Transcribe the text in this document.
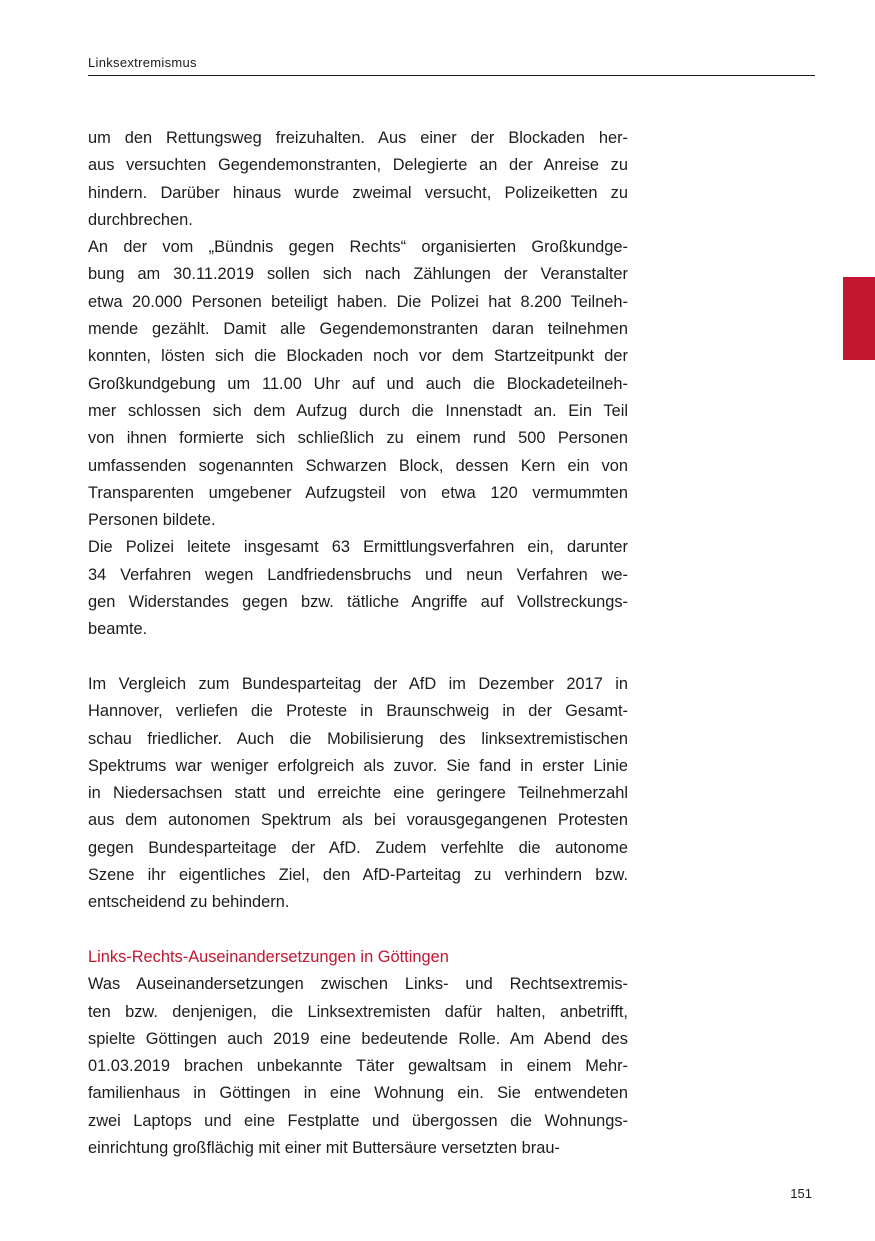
Linksextremismus
um den Rettungsweg freizuhalten. Aus einer der Blockaden her-
aus versuchten Gegendemonstranten, Delegierte an der Anreise zu
hindern. Darüber hinaus wurde zweimal versucht, Polizeiketten zu
durchbrechen.
An der vom „Bündnis gegen Rechts“ organisierten Großkundge-
bung am 30.11.2019 sollen sich nach Zählungen der Veranstalter
etwa 20.000 Personen beteiligt haben. Die Polizei hat 8.200 Teilneh-
mende gezählt. Damit alle Gegendemonstranten daran teilnehmen
konnten, lösten sich die Blockaden noch vor dem Startzeitpunkt der
Großkundgebung um 11.00 Uhr auf und auch die Blockadeteilneh-
mer schlossen sich dem Aufzug durch die Innenstadt an. Ein Teil
von ihnen formierte sich schließlich zu einem rund 500 Personen
umfassenden sogenannten Schwarzen Block, dessen Kern ein von
Transparenten umgebener Aufzugsteil von etwa 120 vermummten
Personen bildete.
Die Polizei leitete insgesamt 63 Ermittlungsverfahren ein, darunter
34 Verfahren wegen Landfriedensbruchs und neun Verfahren we-
gen Widerstandes gegen bzw. tätliche Angriffe auf Vollstreckungs-
beamte.
Im Vergleich zum Bundesparteitag der AfD im Dezember 2017 in
Hannover, verliefen die Proteste in Braunschweig in der Gesamt-
schau friedlicher. Auch die Mobilisierung des linksextremistischen
Spektrums war weniger erfolgreich als zuvor. Sie fand in erster Linie
in Niedersachsen statt und erreichte eine geringere Teilnehmerzahl
aus dem autonomen Spektrum als bei vorausgegangenen Protesten
gegen Bundesparteitage der AfD. Zudem verfehlte die autonome
Szene ihr eigentliches Ziel, den AfD-Parteitag zu verhindern bzw.
entscheidend zu behindern.
Links-Rechts-Auseinandersetzungen in Göttingen
Was Auseinandersetzungen zwischen Links- und Rechtsextremis-
ten bzw. denjenigen, die Linksextremisten dafür halten, anbetrifft,
spielte Göttingen auch 2019 eine bedeutende Rolle. Am Abend des
01.03.2019 brachen unbekannte Täter gewaltsam in einem Mehr-
familienhaus in Göttingen in eine Wohnung ein. Sie entwendeten
zwei Laptops und eine Festplatte und übergossen die Wohnungs-
einrichtung großflächig mit einer mit Buttersäure versetzten brau-
151
